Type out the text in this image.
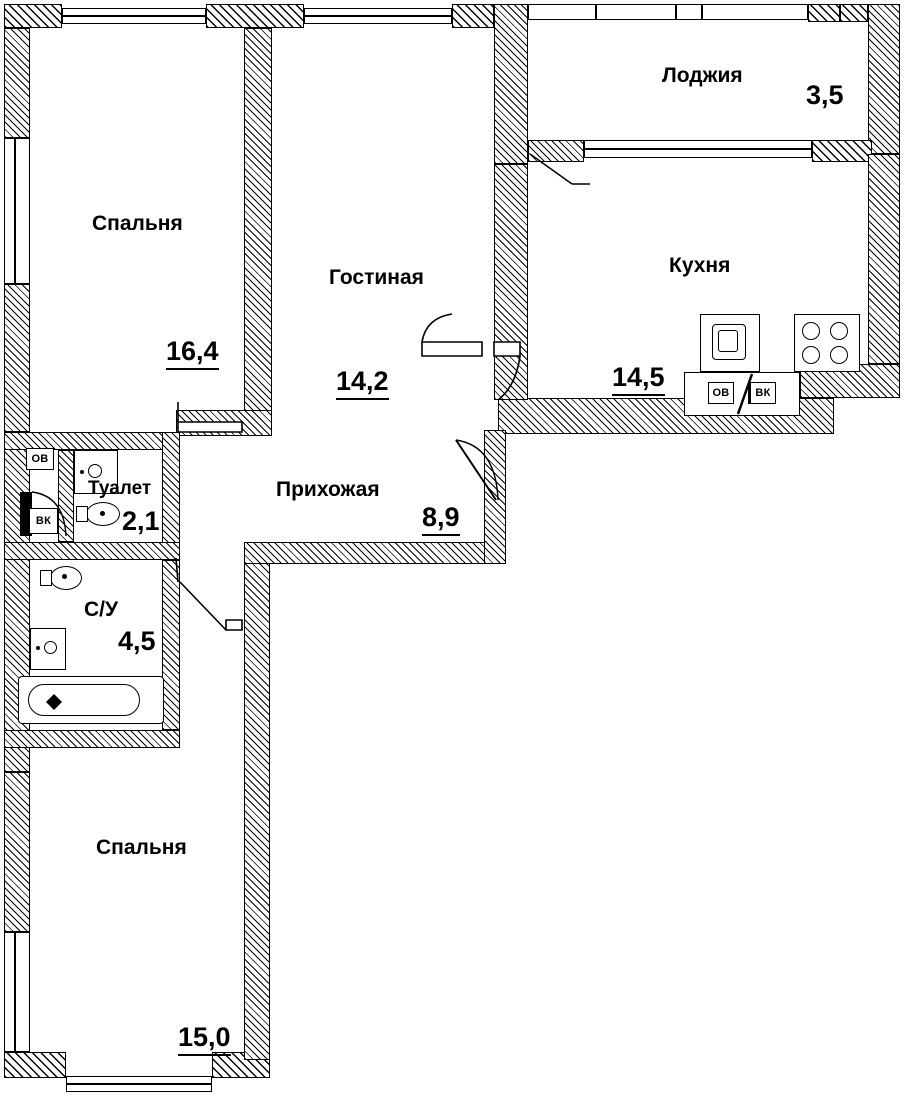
ОВ	ВК
ОВ
ВК
Спальня
16,4
Гостиная
14,2
Лоджия
3,5
Кухня
14,5
Прихожая
8,9
Туалет
2,1
С/У
4,5
Спальня
15,0
